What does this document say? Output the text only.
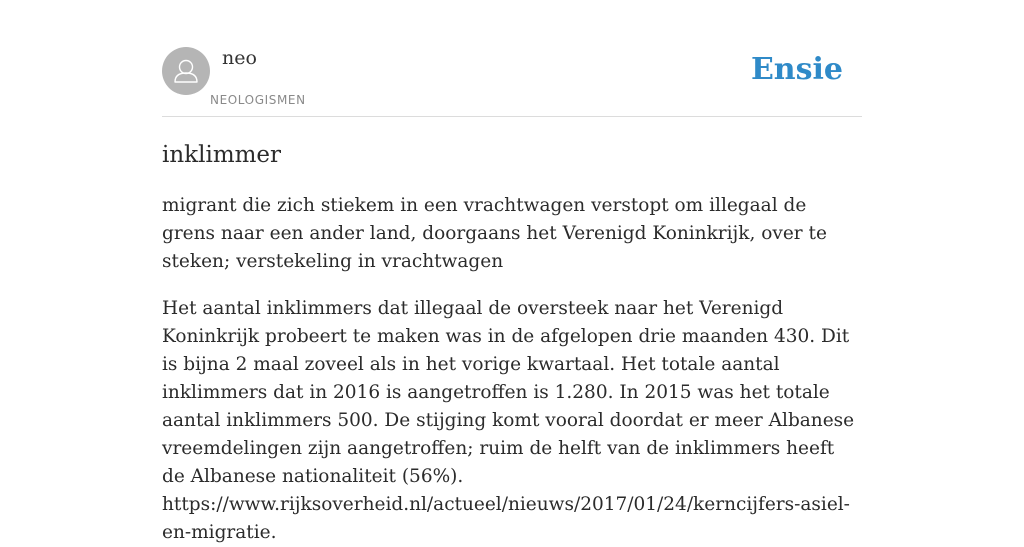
neo
NEOLOGISMEN
Ensie
inklimmer

migrant die zich stiekem in een vrachtwagen verstopt om illegaal de grens naar een ander land, doorgaans het Verenigd Koninkrijk, over te steken; verstekeling in vrachtwagen

Het aantal inklimmers dat illegaal de oversteek naar het Verenigd Koninkrijk probeert te maken was in de afgelopen drie maanden 430. Dit is bijna 2 maal zoveel als in het vorige kwartaal. Het totale aantal inklimmers dat in 2016 is aangetroffen is 1.280. In 2015 was het totale aantal inklimmers 500. De stijging komt vooral doordat er meer Albanese vreemdelingen zijn aangetroffen; ruim de helft van de inklimmers heeft de Albanese nationaliteit (56%). https://www.rijksoverheid.nl/actueel/nieuws/2017/01/24/kerncijfers-asiel-en-migratie.
